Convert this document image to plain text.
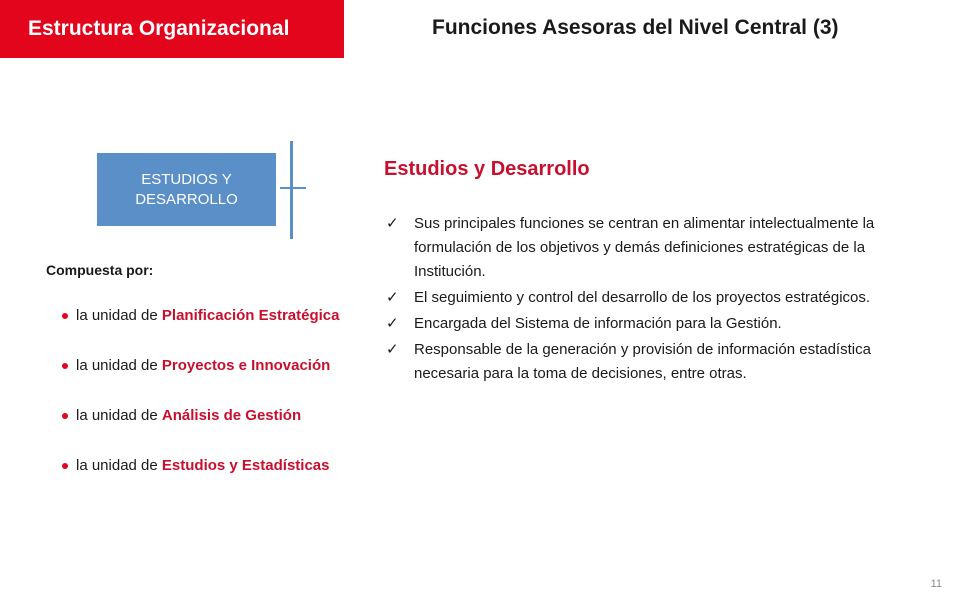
Estructura Organizacional	Funciones Asesoras del Nivel Central (3)
ESTUDIOS Y DESARROLLO
Compuesta por:
la unidad de Planificación Estratégica
la unidad de Proyectos e Innovación
la unidad de Análisis de Gestión
la unidad de Estudios y Estadísticas
Estudios y Desarrollo
✓ Sus principales funciones se centran en alimentar intelectualmente la formulación de los objetivos y demás definiciones estratégicas de la Institución.
✓ El seguimiento y control del desarrollo de los proyectos estratégicos.
✓ Encargada del Sistema de información para la Gestión.
✓ Responsable de la generación y provisión de información estadística necesaria para la toma de decisiones, entre otras.
11
